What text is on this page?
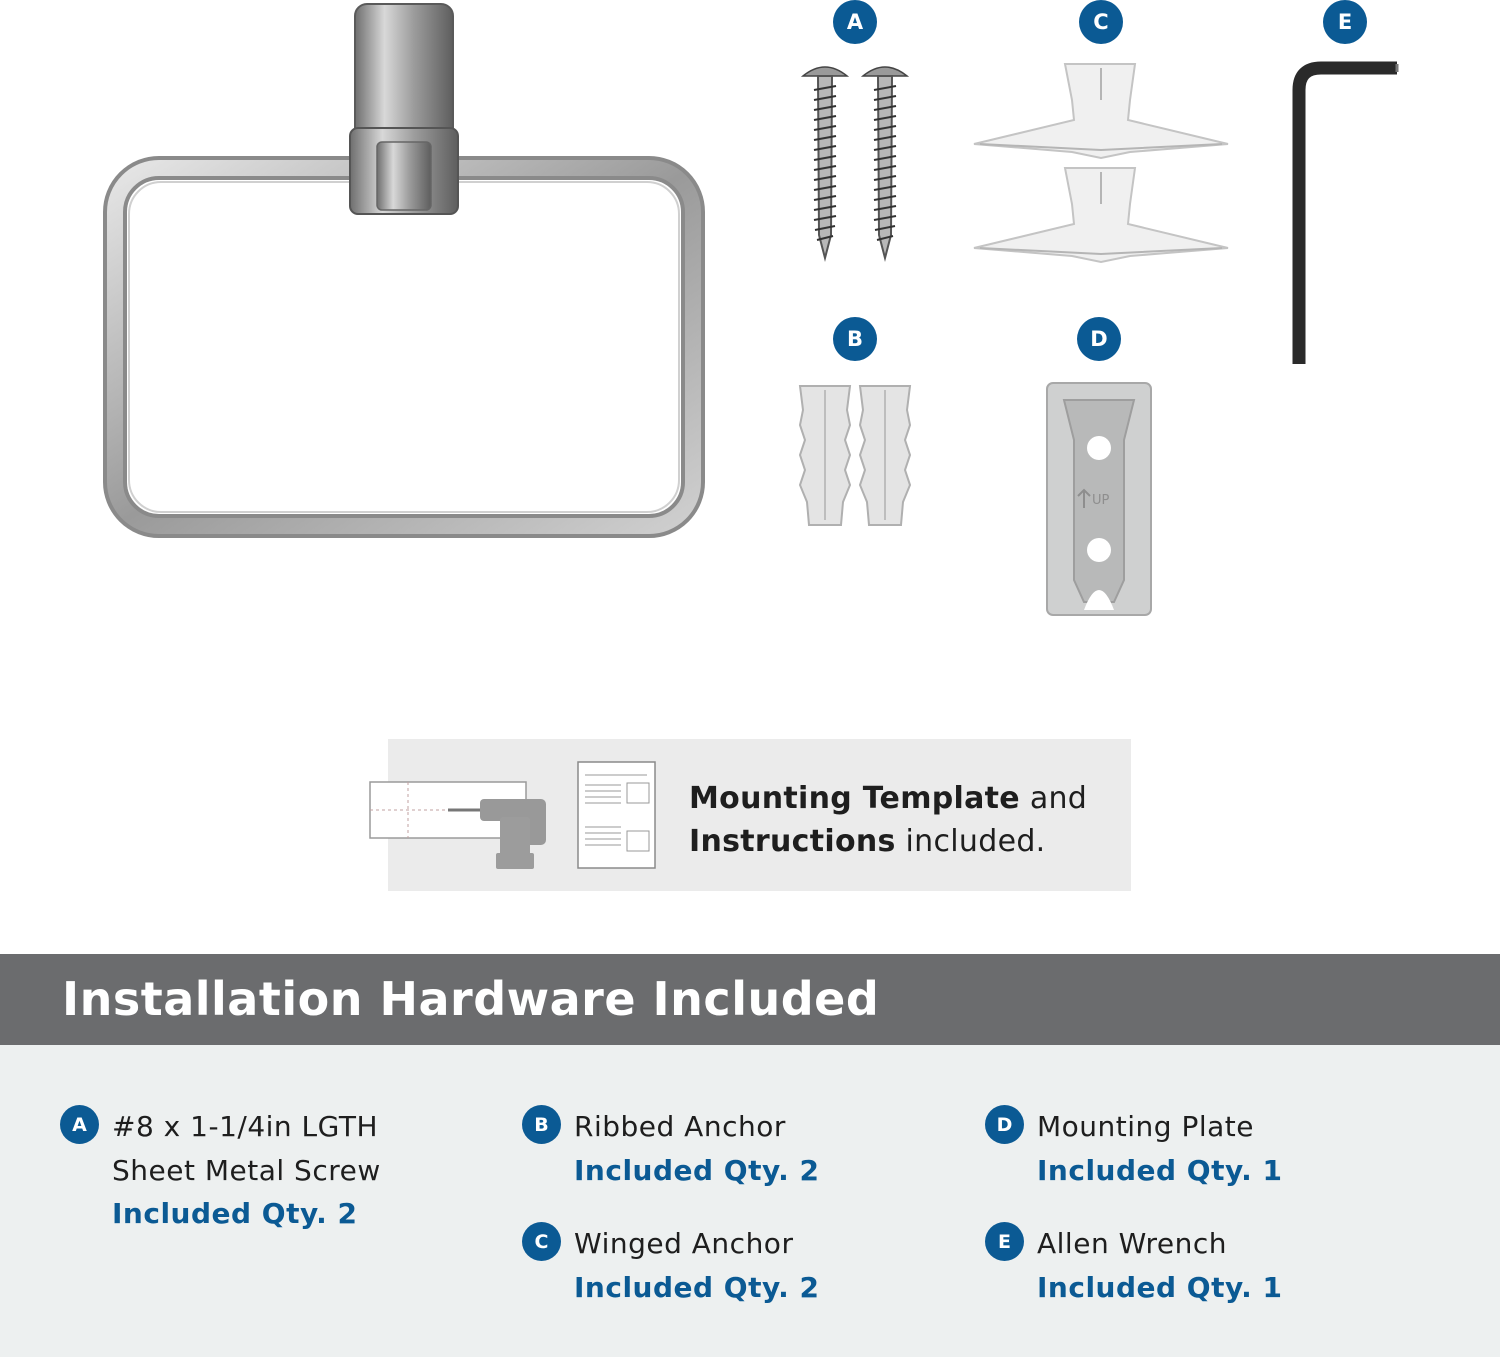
A
B
C
D
UP
E
Mounting Template and
Instructions included.
Installation Hardware Included
A #8 x 1-1/4in LGTH
Sheet Metal Screw
Included Qty. 2
B Ribbed Anchor
Included Qty. 2
C Winged Anchor
Included Qty. 2
D Mounting Plate
Included Qty. 1
E Allen Wrench
Included Qty. 1
